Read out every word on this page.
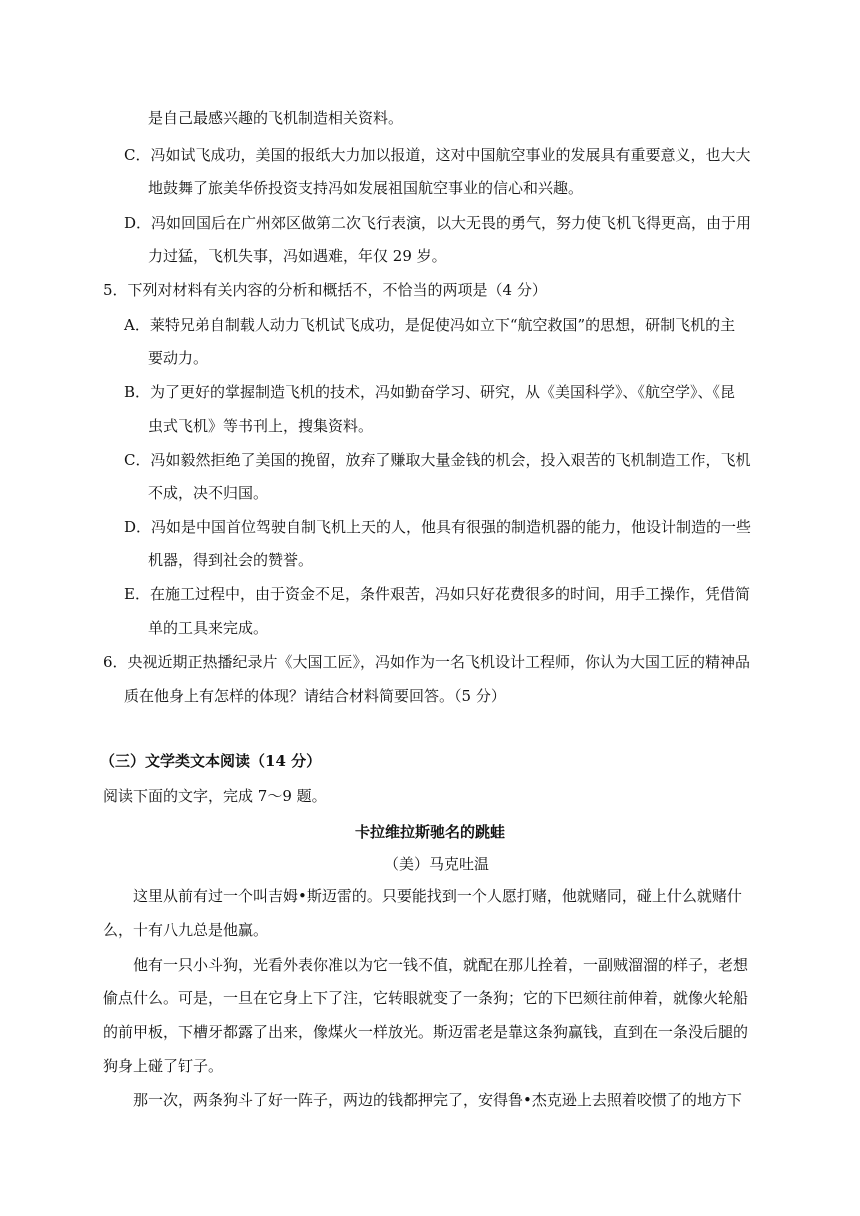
是自己最感兴趣的飞机制造相关资料。
C．冯如试飞成功，美国的报纸大力加以报道，这对中国航空事业的发展具有重要意义，也大大
地鼓舞了旅美华侨投资支持冯如发展祖国航空事业的信心和兴趣。
D．冯如回国后在广州郊区做第二次飞行表演，以大无畏的勇气，努力使飞机飞得更高，由于用
力过猛，飞机失事，冯如遇难，年仅 29 岁。
5．下列对材料有关内容的分析和概括不，不恰当的两项是（4 分）
A．莱特兄弟自制载人动力飞机试飞成功，是促使冯如立下“航空救国”的思想，研制飞机的主
要动力。
B．为了更好的掌握制造飞机的技术，冯如勤奋学习、研究，从《美国科学》、《航空学》、《昆
虫式飞机》等书刊上，搜集资料。
C．冯如毅然拒绝了美国的挽留，放弃了赚取大量金钱的机会，投入艰苦的飞机制造工作，飞机
不成，决不归国。
D．冯如是中国首位驾驶自制飞机上天的人，他具有很强的制造机器的能力，他设计制造的一些
机器，得到社会的赞誉。
E．在施工过程中，由于资金不足，条件艰苦，冯如只好花费很多的时间，用手工操作，凭借简
单的工具来完成。
6．央视近期正热播纪录片《大国工匠》，冯如作为一名飞机设计工程师，你认为大国工匠的精神品
质在他身上有怎样的体现？请结合材料简要回答。（5 分）
（三）文学类文本阅读（14 分）
阅读下面的文字，完成 7～9 题。
卡拉维拉斯驰名的跳蛙
（美）马克吐温
这里从前有过一个叫吉姆•斯迈雷的。只要能找到一个人愿打赌，他就赌同，碰上什么就赌什
么，十有八九总是他赢。
他有一只小斗狗，光看外表你准以为它一钱不值，就配在那儿拴着，一副贼溜溜的样子，老想
偷点什么。可是，一旦在它身上下了注，它转眼就变了一条狗；它的下巴颏往前伸着，就像火轮船
的前甲板，下槽牙都露了出来，像煤火一样放光。斯迈雷老是靠这条狗赢钱，直到在一条没后腿的
狗身上碰了钉子。
那一次，两条狗斗了好一阵子，两边的钱都押完了，安得鲁•杰克逊上去照着咬惯了的地方下
